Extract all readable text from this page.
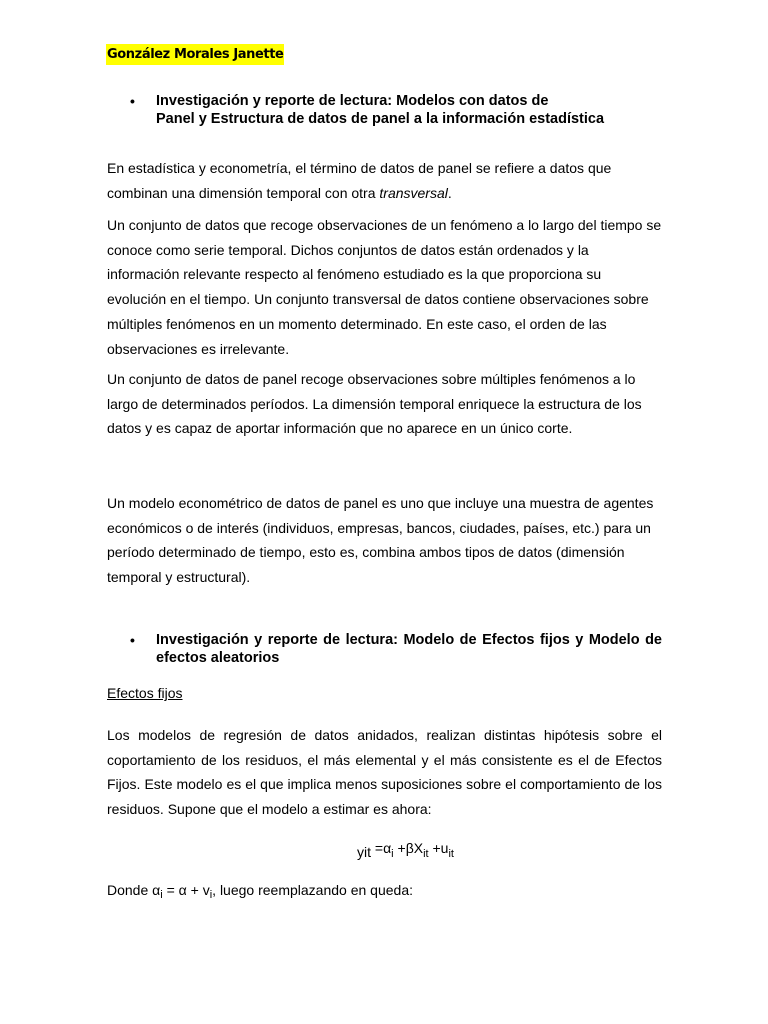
González Morales Janette
•	Investigación y reporte de lectura: Modelos con datos de
Panel y Estructura de datos de panel a la información estadística

En estadística y econometría, el término de datos de panel se refiere a datos que combinan una dimensión temporal con otra transversal.

Un conjunto de datos que recoge observaciones de un fenómeno a lo largo del tiempo se conoce como serie temporal. Dichos conjuntos de datos están ordenados y la información relevante respecto al fenómeno estudiado es la que proporciona su evolución en el tiempo. Un conjunto transversal de datos contiene observaciones sobre múltiples fenómenos en un momento determinado. En este caso, el orden de las observaciones es irrelevante.

Un conjunto de datos de panel recoge observaciones sobre múltiples fenómenos a lo largo de determinados períodos. La dimensión temporal enriquece la estructura de los datos y es capaz de aportar información que no aparece en un único corte.

Un modelo econométrico de datos de panel es uno que incluye una muestra de agentes económicos o de interés (individuos, empresas, bancos, ciudades, países, etc.) para un período determinado de tiempo, esto es, combina ambos tipos de datos (dimensión temporal y estructural).

•	Investigación y reporte de lectura: Modelo de Efectos fijos y Modelo de efectos aleatorios
Efectos fijos

Los modelos de regresión de datos anidados, realizan distintas hipótesis sobre el coportamiento de los residuos, el más elemental y el más consistente es el de Efectos Fijos. Este modelo es el que implica menos suposiciones sobre el comportamiento de los residuos. Supone que el modelo a estimar es ahora:

yit $=\alpha_i +\beta X_{it} +u_{it}$
Donde $\alpha_i = \alpha + v_i$, luego reemplazando en queda:
